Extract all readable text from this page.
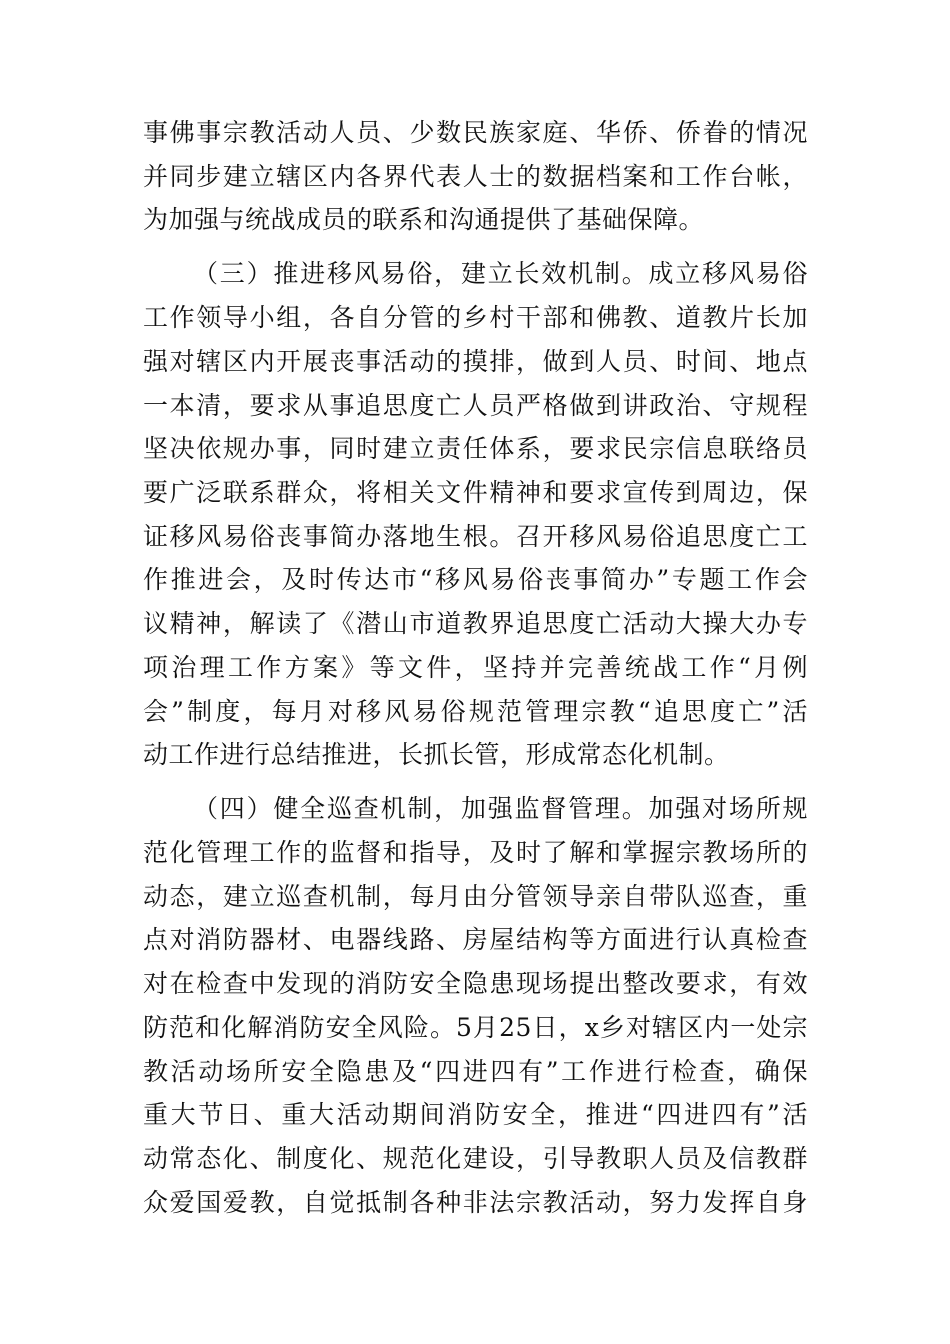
事佛事宗教活动人员、少数民族家庭、华侨、侨眷的情况
并同步建立辖区内各界代表人士的数据档案和工作台帐，
为加强与统战成员的联系和沟通提供了基础保障。
（三）推进移风易俗，建立长效机制。成立移风易俗
工作领导小组，各自分管的乡村干部和佛教、道教片长加
强对辖区内开展丧事活动的摸排，做到人员、时间、地点
一本清，要求从事追思度亡人员严格做到讲政治、守规程
坚决依规办事，同时建立责任体系，要求民宗信息联络员
要广泛联系群众，将相关文件精神和要求宣传到周边，保
证移风易俗丧事简办落地生根。召开移风易俗追思度亡工
作推进会，及时传达市“移风易俗丧事简办”专题工作会
议精神，解读了《潜山市道教界追思度亡活动大操大办专
项治理工作方案》等文件，坚持并完善统战工作“月例
会”制度，每月对移风易俗规范管理宗教“追思度亡”活
动工作进行总结推进，长抓长管，形成常态化机制。
（四）健全巡查机制，加强监督管理。加强对场所规
范化管理工作的监督和指导，及时了解和掌握宗教场所的
动态，建立巡查机制，每月由分管领导亲自带队巡查，重
点对消防器材、电器线路、房屋结构等方面进行认真检查
对在检查中发现的消防安全隐患现场提出整改要求，有效
防范和化解消防安全风险。5月25日，x乡对辖区内一处宗
教活动场所安全隐患及“四进四有”工作进行检查，确保
重大节日、重大活动期间消防安全，推进“四进四有”活
动常态化、制度化、规范化建设，引导教职人员及信教群
众爱国爱教，自觉抵制各种非法宗教活动，努力发挥自身
